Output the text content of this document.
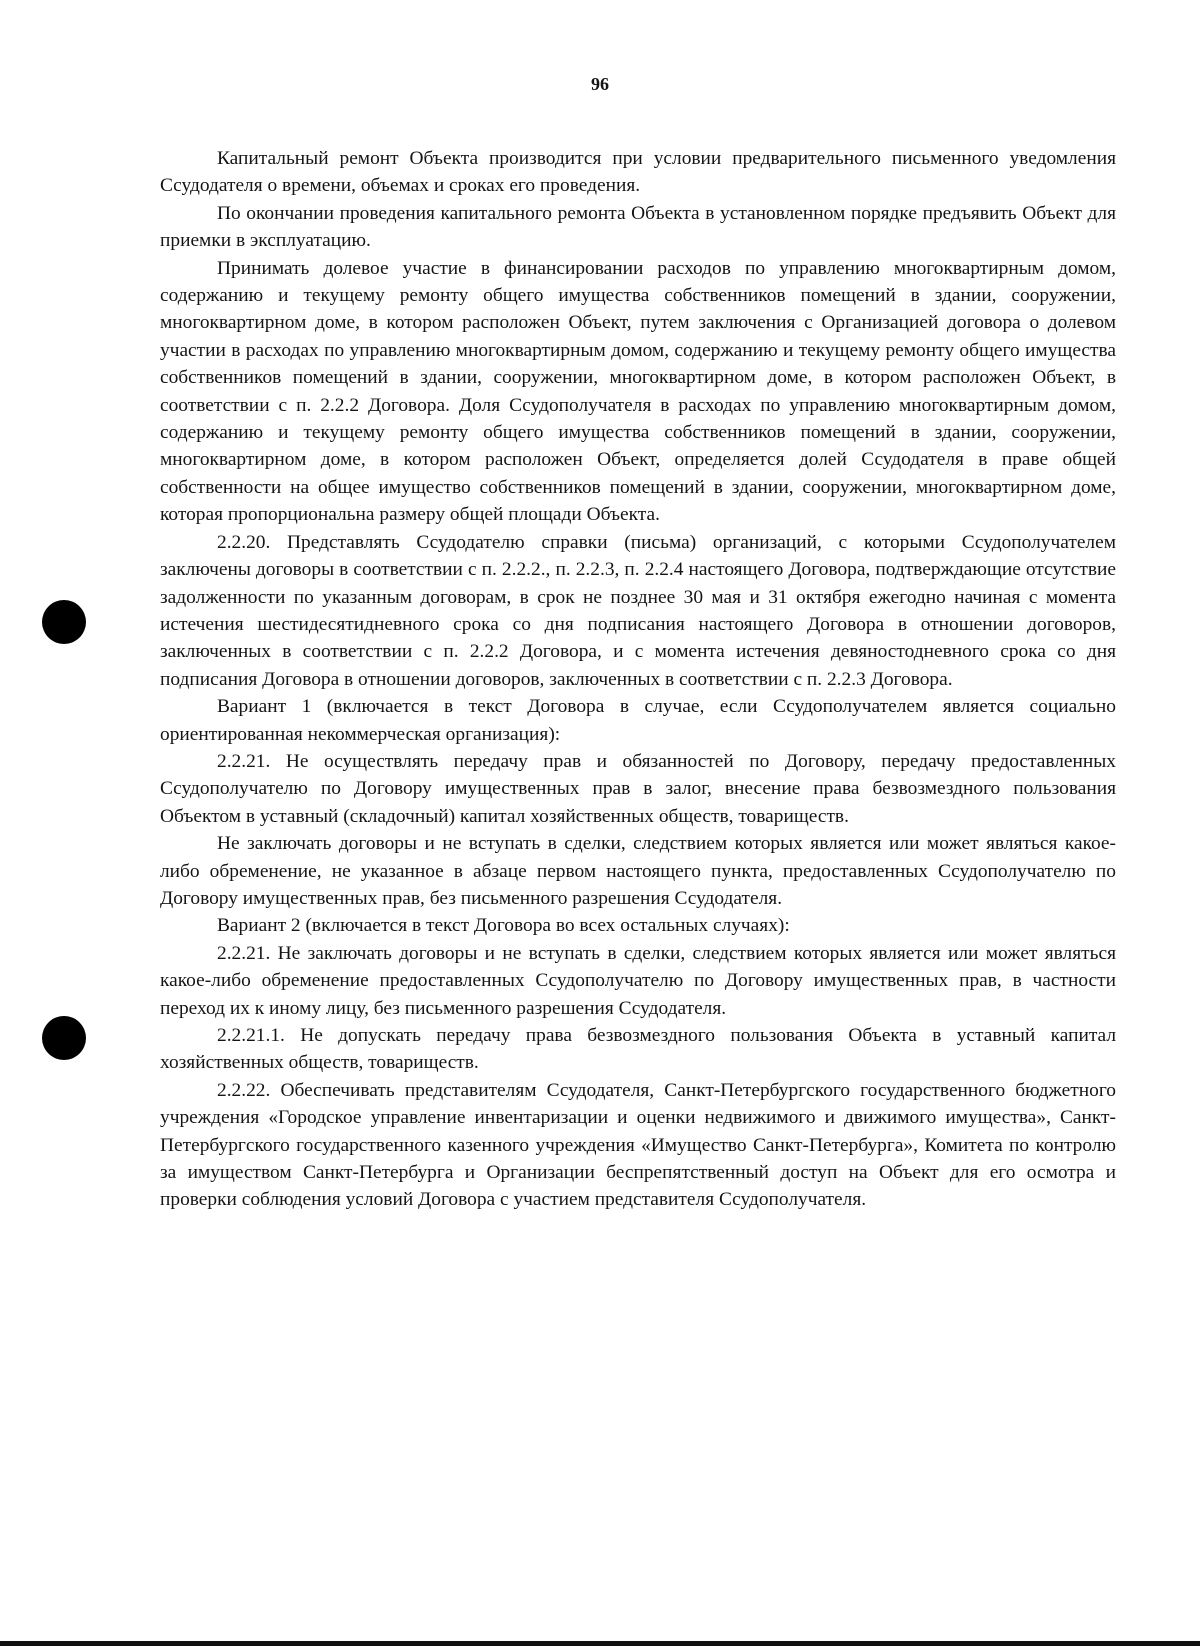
96

Капитальный ремонт Объекта производится при условии предварительного письменного уведомления Ссудодателя о времени, объемах и сроках его проведения.

По окончании проведения капитального ремонта Объекта в установленном порядке предъявить Объект для приемки в эксплуатацию.

Принимать долевое участие в финансировании расходов по управлению многоквартирным домом, содержанию и текущему ремонту общего имущества собственников помещений в здании, сооружении, многоквартирном доме, в котором расположен Объект, путем заключения с Организацией договора о долевом участии в расходах по управлению многоквартирным домом, содержанию и текущему ремонту общего имущества собственников помещений в здании, сооружении, многоквартирном доме, в котором расположен Объект, в соответствии с п. 2.2.2 Договора. Доля Ссудополучателя в расходах по управлению многоквартирным домом, содержанию и текущему ремонту общего имущества собственников помещений в здании, сооружении, многоквартирном доме, в котором расположен Объект, определяется долей Ссудодателя в праве общей собственности на общее имущество собственников помещений в здании, сооружении, многоквартирном доме, которая пропорциональна размеру общей площади Объекта.

2.2.20. Представлять Ссудодателю справки (письма) организаций, с которыми Ссудополучателем заключены договоры в соответствии с п. 2.2.2., п. 2.2.3, п. 2.2.4 настоящего Договора, подтверждающие отсутствие задолженности по указанным договорам, в срок не позднее 30 мая и 31 октября ежегодно начиная с момента истечения шестидесятидневного срока со дня подписания настоящего Договора в отношении договоров, заключенных в соответствии с п. 2.2.2 Договора, и с момента истечения девяностодневного срока со дня подписания Договора в отношении договоров, заключенных в соответствии с п. 2.2.3 Договора.

Вариант 1 (включается в текст Договора в случае, если Ссудополучателем является социально ориентированная некоммерческая организация):

2.2.21. Не осуществлять передачу прав и обязанностей по Договору, передачу предоставленных Ссудополучателю по Договору имущественных прав в залог, внесение права безвозмездного пользования Объектом в уставный (складочный) капитал хозяйственных обществ, товариществ.

Не заключать договоры и не вступать в сделки, следствием которых является или может являться какое-либо обременение, не указанное в абзаце первом настоящего пункта, предоставленных Ссудополучателю по Договору имущественных прав, без письменного разрешения Ссудодателя.

Вариант 2 (включается в текст Договора во всех остальных случаях):

2.2.21. Не заключать договоры и не вступать в сделки, следствием которых является или может являться какое-либо обременение предоставленных Ссудополучателю по Договору имущественных прав, в частности переход их к иному лицу, без письменного разрешения Ссудодателя.

2.2.21.1. Не допускать передачу права безвозмездного пользования Объекта в уставный капитал хозяйственных обществ, товариществ.

2.2.22. Обеспечивать представителям Ссудодателя, Санкт-Петербургского государственного бюджетного учреждения «Городское управление инвентаризации и оценки недвижимого и движимого имущества», Санкт-Петербургского государственного казенного учреждения «Имущество Санкт-Петербурга», Комитета по контролю за имуществом Санкт-Петербурга и Организации беспрепятственный доступ на Объект для его осмотра и проверки соблюдения условий Договора с участием представителя Ссудополучателя.
